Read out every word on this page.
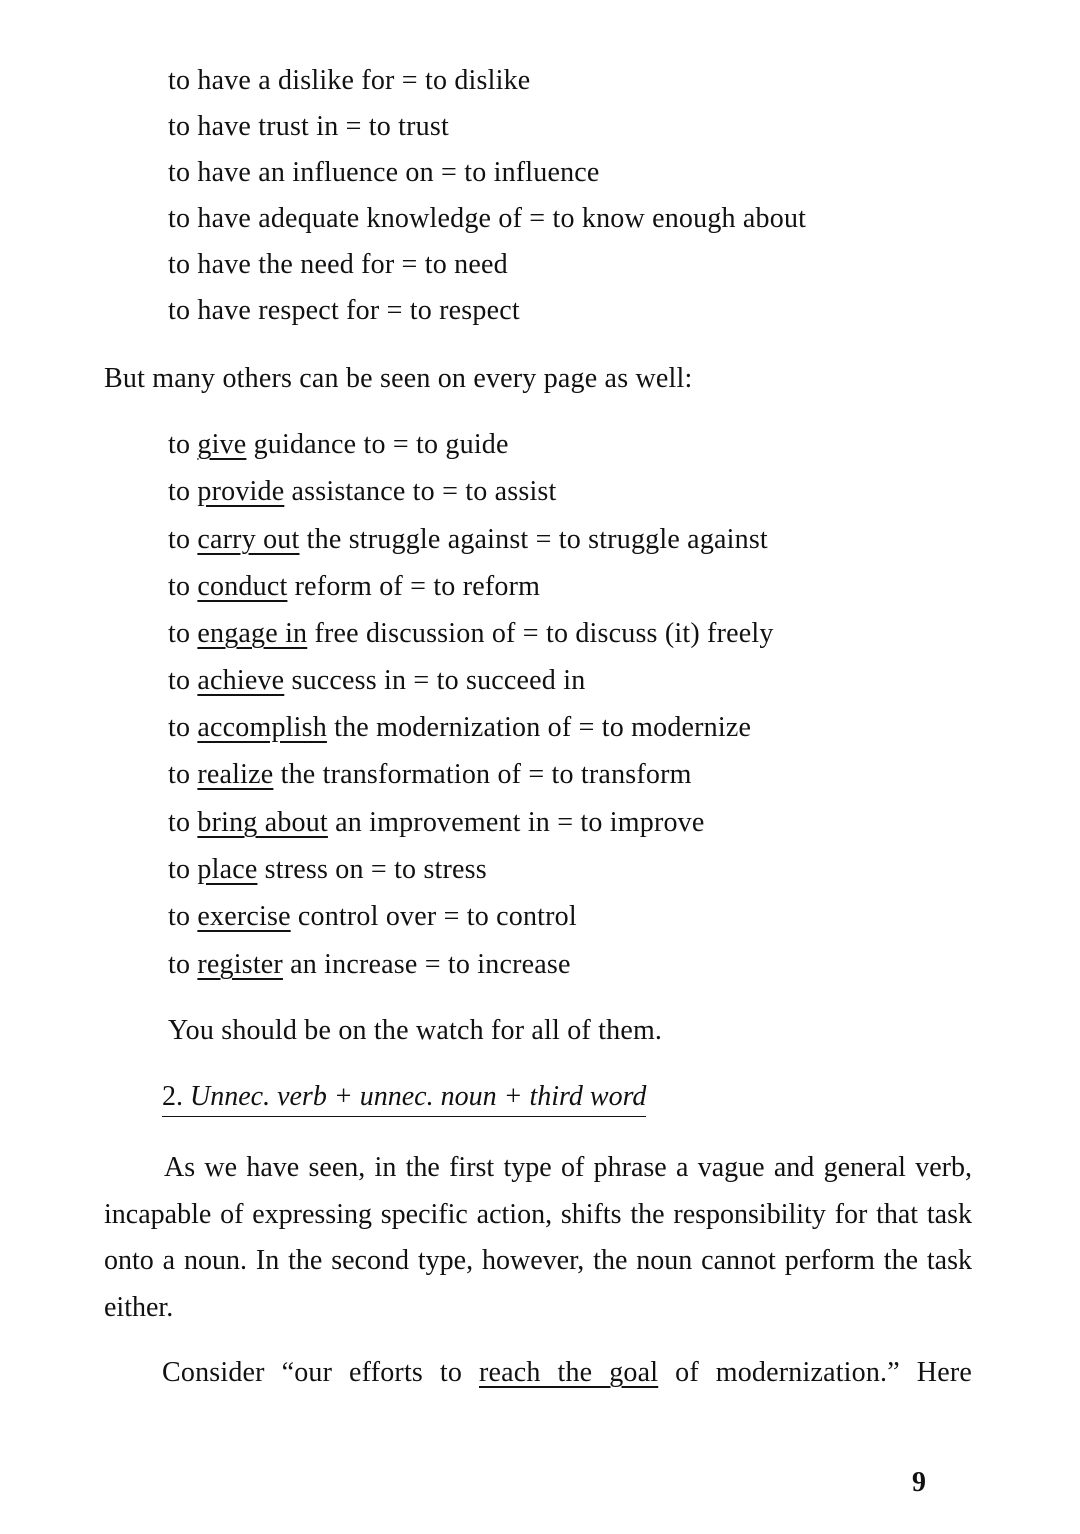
to have a dislike for = to dislike
to have trust in = to trust
to have an influence on = to influence
to have adequate knowledge of = to know enough about
to have the need for = to need
to have respect for = to respect
But many others can be seen on every page as well:
to give guidance to = to guide
to provide assistance to = to assist
to carry out the struggle against = to struggle against
to conduct reform of = to reform
to engage in free discussion of = to discuss (it) freely
to achieve success in = to succeed in
to accomplish the modernization of = to modernize
to realize the transformation of = to transform
to bring about an improvement in = to improve
to place stress on = to stress
to exercise control over = to control
to register an increase = to increase
You should be on the watch for all of them.
2. Unnec. verb + unnec. noun + third word
As we have seen, in the first type of phrase a vague and general verb, incapable of expressing specific action, shifts the responsibility for that task onto a noun. In the second type, however, the noun cannot perform the task either.
Consider “our efforts to reach the goal of modernization.” Here
9
